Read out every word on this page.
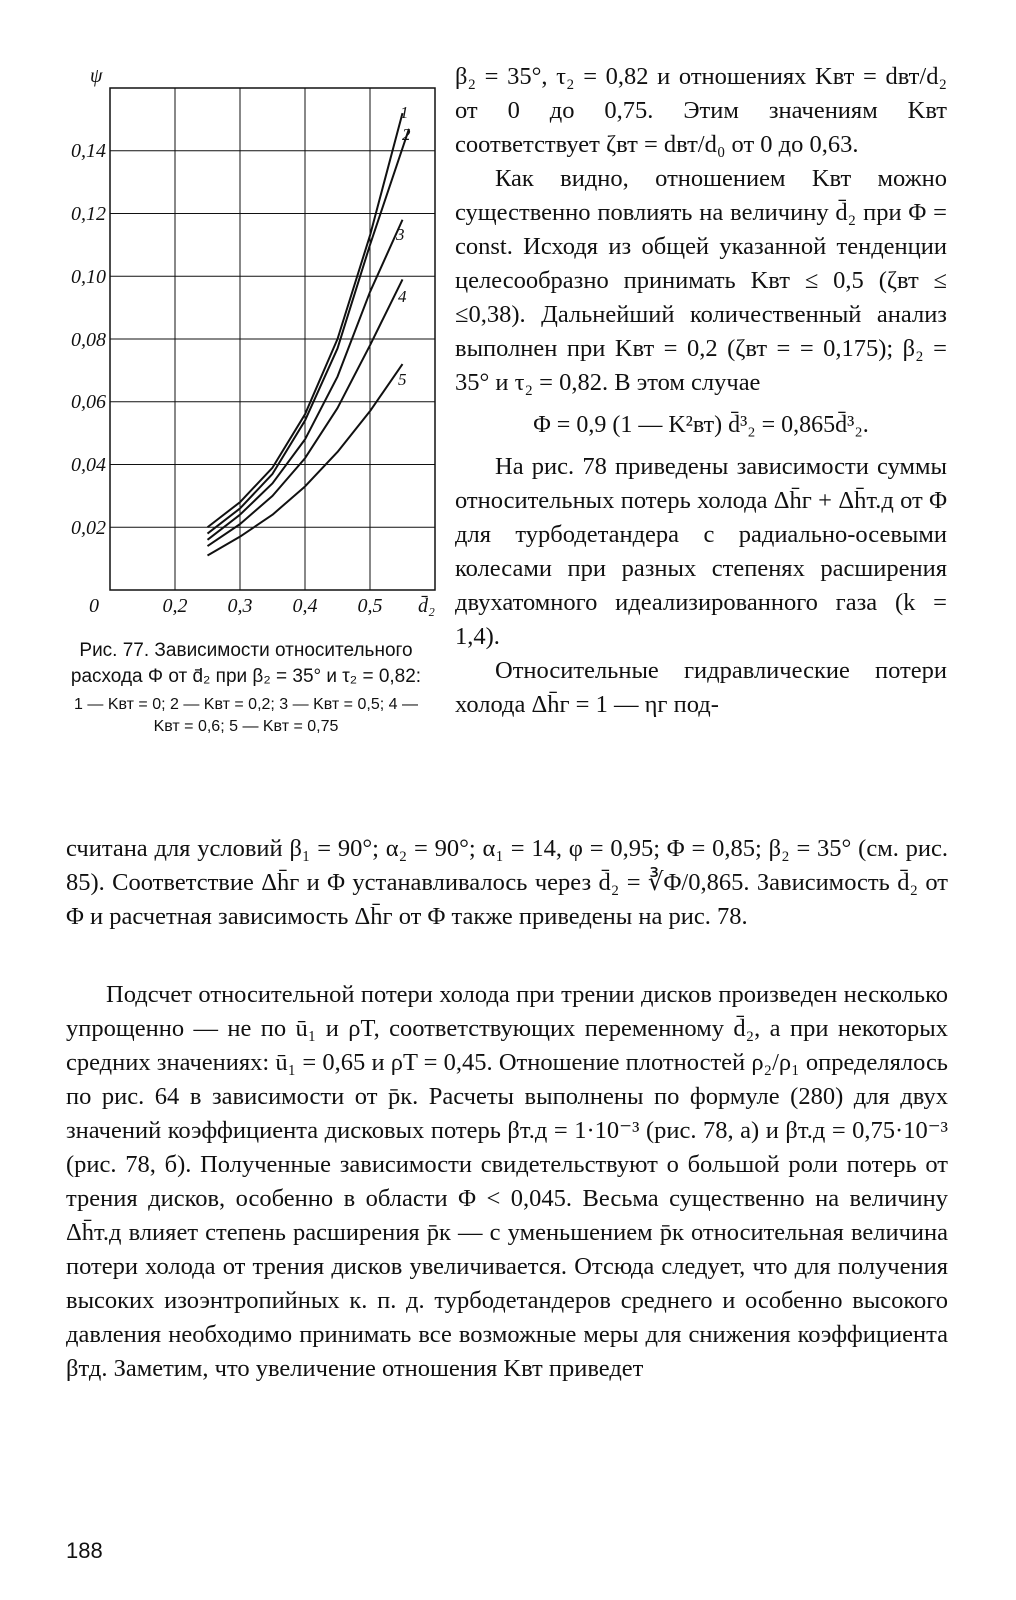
0,14
0,12
0,10
0,08
0,06
0,04
0,02
0	0,2 0,3 0,4 0,5
ψ
d̄₂
1
2
3
4
5
Рис. 77. Зависимости относительного расхода Φ от d̄₂ при β₂ = 35° и τ₂ = 0,82:
1 — Kвт = 0; 2 — Kвт = 0,2; 3 — Kвт = 0,5; 4 — Kвт = 0,6; 5 — Kвт = 0,75

β₂ = 35°, τ₂ = 0,82 и отношениях Kвт = dвт/d₂ от 0 до 0,75. Этим значениям Kвт соответствует ζвт = dвт/d₀ от 0 до 0,63.

Как видно, отношением Kвт можно существенно повлиять на величину d̄₂ при Φ = const. Исходя из общей указанной тенденции целесообразно принимать Kвт ≤ 0,5 (ζвт ≤ ≤0,38). Дальнейший количественный анализ выполнен при Kвт = 0,2 (ζвт = = 0,175); β₂ = 35° и τ₂ = 0,82. В этом случае

Φ = 0,9 (1 — K²вт) d̄³₂ = 0,865d̄³₂.

На рис. 78 приведены зависимости суммы относительных потерь холода Δh̄г + Δh̄т.д от Φ для турбодетандера с радиально-осевыми колесами при разных степенях расширения двухатомного идеализированного газа (k = 1,4).

Относительные гидравлические потери холода Δh̄г = 1 — ηг под-

считана для условий β₁ = 90°; α₂ = 90°; α₁ = 14, φ = 0,95; Φ = 0,85; β₂ = 35° (см. рис. 85). Соответствие Δh̄г и Φ устанавливалось через d̄₂ = ∛Φ/0,865. Зависимость d̄₂ от Φ и расчетная зависимость Δh̄г от Φ также приведены на рис. 78.

Подсчет относительной потери холода при трении дисков произведен несколько упрощенно — не по ū₁ и ρT, соответствующих переменному d̄₂, а при некоторых средних значениях: ū₁ = 0,65 и ρT = 0,45. Отношение плотностей ρ₂/ρ₁ определялось по рис. 64 в зависимости от p̄к. Расчеты выполнены по формуле (280) для двух значений коэффициента дисковых потерь βт.д = 1·10⁻³ (рис. 78, а) и βт.д = 0,75·10⁻³ (рис. 78, б). Полученные зависимости свидетельствуют о большой роли потерь от трения дисков, особенно в области Φ < 0,045. Весьма существенно на величину Δh̄т.д влияет степень расширения p̄к — с уменьшением p̄к относительная величина потери холода от трения дисков увеличивается. Отсюда следует, что для получения высоких изоэнтропийных к. п. д. турбодетандеров среднего и особенно высокого давления необходимо принимать все возможные меры для снижения коэффициента βтд. Заметим, что увеличение отношения Kвт приведет

188
